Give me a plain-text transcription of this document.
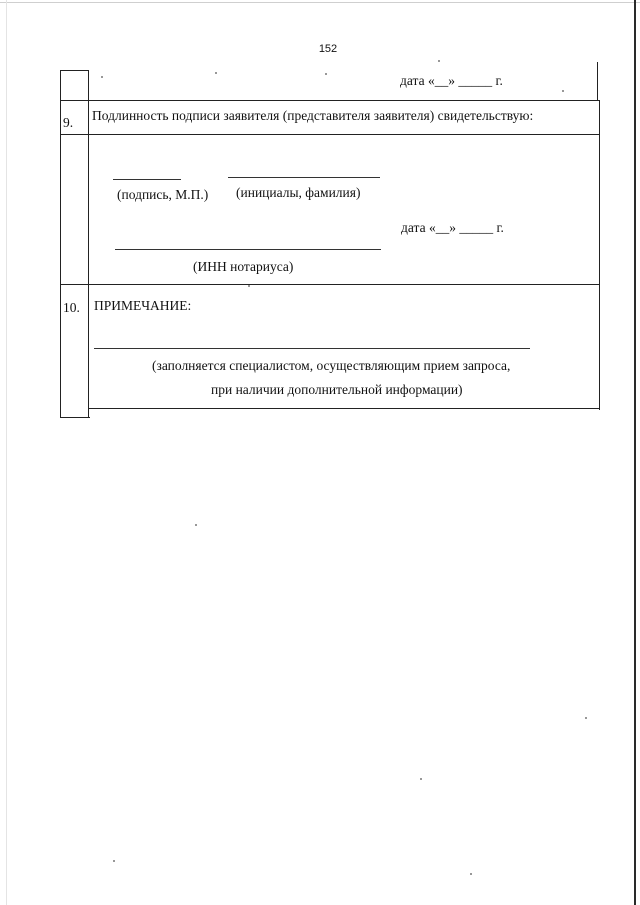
152
дата «__» _____ г.
9. Подлинность подписи заявителя (представителя заявителя) свидетельствую:
(подпись, М.П.) (инициалы, фамилия)
дата «__» _____ г.
(ИНН нотариуса)
10. ПРИМЕЧАНИЕ:
(заполняется специалистом, осуществляющим прием запроса,
при наличии дополнительной информации)
